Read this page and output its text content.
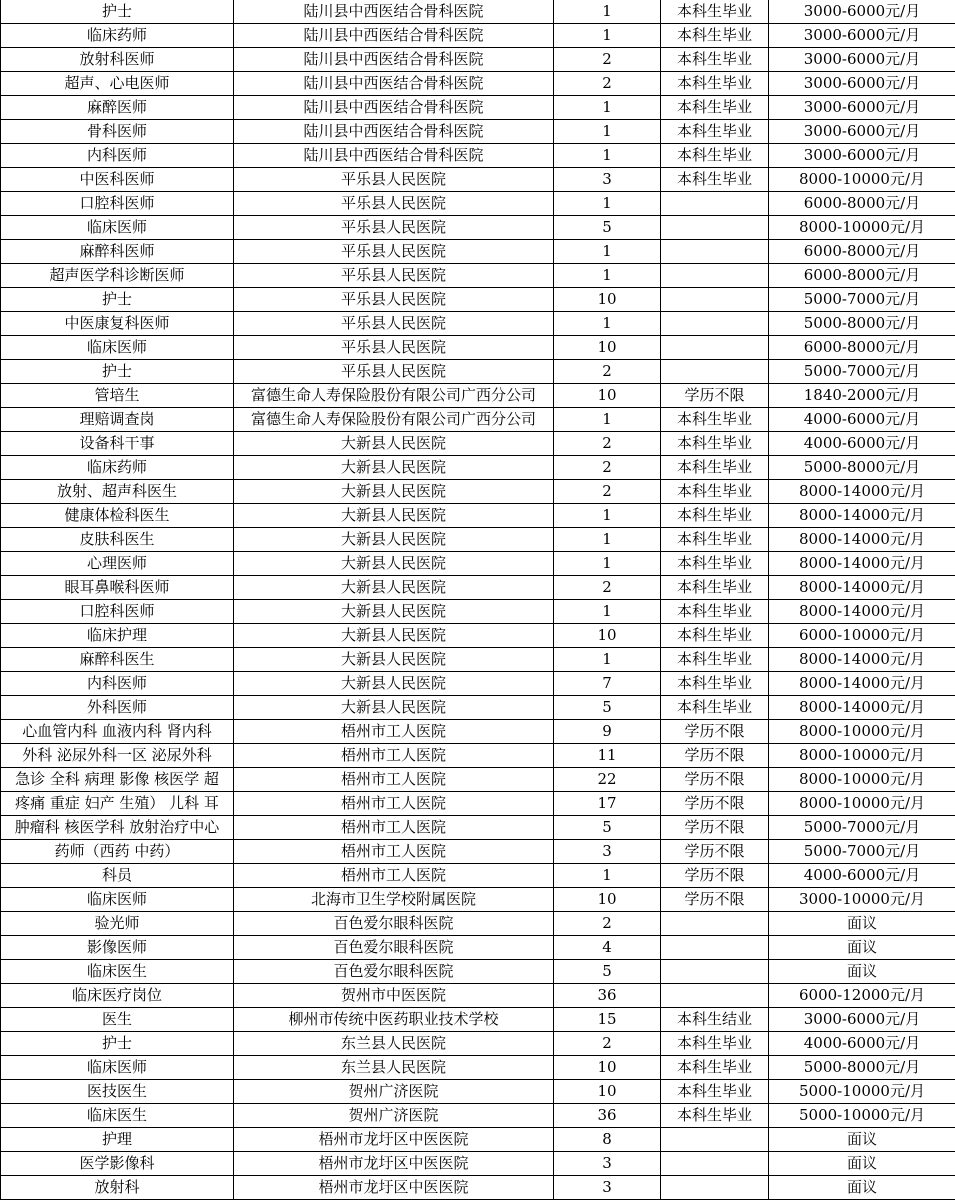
护士	陆川县中西医结合骨科医院	1	本科生毕业	3000-6000元/月
临床药师	陆川县中西医结合骨科医院	1	本科生毕业	3000-6000元/月
放射科医师	陆川县中西医结合骨科医院	2	本科生毕业	3000-6000元/月
超声、心电医师	陆川县中西医结合骨科医院	2	本科生毕业	3000-6000元/月
麻醉医师	陆川县中西医结合骨科医院	1	本科生毕业	3000-6000元/月
骨科医师	陆川县中西医结合骨科医院	1	本科生毕业	3000-6000元/月
内科医师	陆川县中西医结合骨科医院	1	本科生毕业	3000-6000元/月
中医科医师	平乐县人民医院	3	本科生毕业	8000-10000元/月
口腔科医师	平乐县人民医院	1		6000-8000元/月
临床医师	平乐县人民医院	5		8000-10000元/月
麻醉科医师	平乐县人民医院	1		6000-8000元/月
超声医学科诊断医师	平乐县人民医院	1		6000-8000元/月
护士	平乐县人民医院	10		5000-7000元/月
中医康复科医师	平乐县人民医院	1		5000-8000元/月
临床医师	平乐县人民医院	10		6000-8000元/月
护士	平乐县人民医院	2		5000-7000元/月
管培生	富德生命人寿保险股份有限公司广西分公司	10	学历不限	1840-2000元/月
理赔调查岗	富德生命人寿保险股份有限公司广西分公司	1	本科生毕业	4000-6000元/月
设备科干事	大新县人民医院	2	本科生毕业	4000-6000元/月
临床药师	大新县人民医院	2	本科生毕业	5000-8000元/月
放射、超声科医生	大新县人民医院	2	本科生毕业	8000-14000元/月
健康体检科医生	大新县人民医院	1	本科生毕业	8000-14000元/月
皮肤科医生	大新县人民医院	1	本科生毕业	8000-14000元/月
心理医师	大新县人民医院	1	本科生毕业	8000-14000元/月
眼耳鼻喉科医师	大新县人民医院	2	本科生毕业	8000-14000元/月
口腔科医师	大新县人民医院	1	本科生毕业	8000-14000元/月
临床护理	大新县人民医院	10	本科生毕业	6000-10000元/月
麻醉科医生	大新县人民医院	1	本科生毕业	8000-14000元/月
内科医师	大新县人民医院	7	本科生毕业	8000-14000元/月
外科医师	大新县人民医院	5	本科生毕业	8000-14000元/月
心血管内科 血液内科 肾内科	梧州市工人医院	9	学历不限	8000-10000元/月
外科 泌尿外科一区 泌尿外科	梧州市工人医院	11	学历不限	8000-10000元/月
急诊 全科 病理 影像 核医学 超	梧州市工人医院	22	学历不限	8000-10000元/月
疼痛 重症 妇产 生殖） 儿科 耳	梧州市工人医院	17	学历不限	8000-10000元/月
肿瘤科 核医学科 放射治疗中心	梧州市工人医院	5	学历不限	5000-7000元/月
药师（西药 中药）	梧州市工人医院	3	学历不限	5000-7000元/月
科员	梧州市工人医院	1	学历不限	4000-6000元/月
临床医师	北海市卫生学校附属医院	10	学历不限	3000-10000元/月
验光师	百色爱尔眼科医院	2		面议
影像医师	百色爱尔眼科医院	4		面议
临床医生	百色爱尔眼科医院	5		面议
临床医疗岗位	贺州市中医医院	36		6000-12000元/月
医生	柳州市传统中医药职业技术学校	15	本科生结业	3000-6000元/月
护士	东兰县人民医院	2	本科生毕业	4000-6000元/月
临床医师	东兰县人民医院	10	本科生毕业	5000-8000元/月
医技医生	贺州广济医院	10	本科生毕业	5000-10000元/月
临床医生	贺州广济医院	36	本科生毕业	5000-10000元/月
护理	梧州市龙圩区中医医院	8		面议
医学影像科	梧州市龙圩区中医医院	3		面议
放射科	梧州市龙圩区中医医院	3		面议
